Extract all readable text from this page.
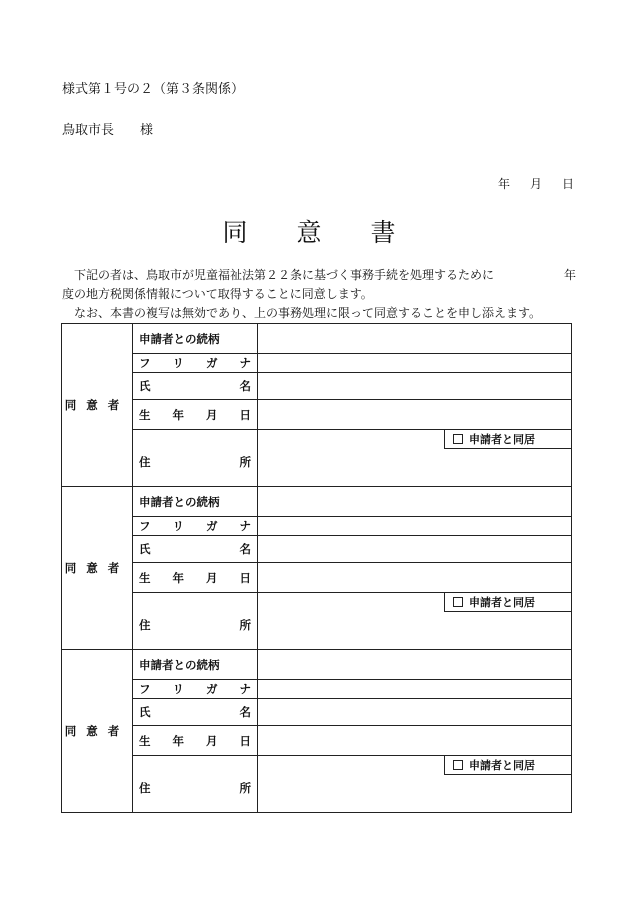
様式第１号の２（第３条関係）
鳥取市長 様
年 月 日
同　意　書

　下記の者は、鳥取市が児童福祉法第２２条に基づく事務手続を処理するために	年

度の地方税関係情報について取得することに同意します。

　なお、本書の複写は無効であり、上の事務処理に限って同意することを申し添えます。

同意者	申請者との続柄	

	フ リ ガ ナ	

	氏 名	

	生 年 月 日	

	住 所	申請者と同居

同意者	申請者との続柄	

	フ リ ガ ナ	

	氏 名	

	生 年 月 日	

	住 所	申請者と同居

同意者	申請者との続柄	

	フ リ ガ ナ	

	氏 名	

	生 年 月 日	

	住 所	申請者と同居
